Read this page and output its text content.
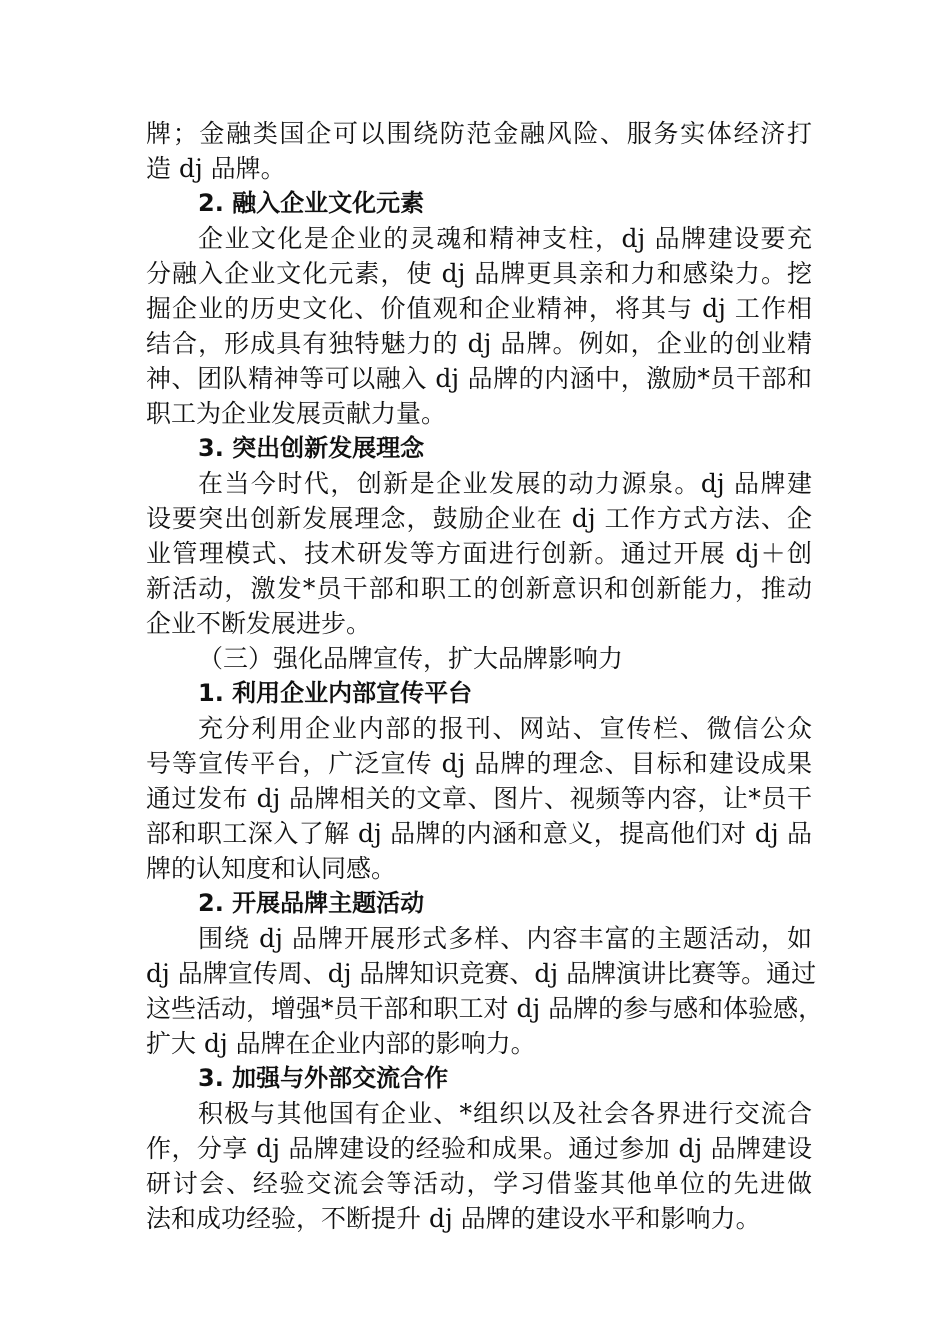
牌；金融类国企可以围绕防范金融风险、服务实体经济打
造 dj 品牌。
2. 融入企业文化元素
企业文化是企业的灵魂和精神支柱，dj 品牌建设要充
分融入企业文化元素，使 dj 品牌更具亲和力和感染力。挖
掘企业的历史文化、价值观和企业精神，将其与 dj 工作相
结合，形成具有独特魅力的 dj 品牌。例如，企业的创业精
神、团队精神等可以融入 dj 品牌的内涵中，激励*员干部和
职工为企业发展贡献力量。
3. 突出创新发展理念
在当今时代，创新是企业发展的动力源泉。dj 品牌建
设要突出创新发展理念，鼓励企业在 dj 工作方式方法、企
业管理模式、技术研发等方面进行创新。通过开展 dj＋创
新活动，激发*员干部和职工的创新意识和创新能力，推动
企业不断发展进步。
（三）强化品牌宣传，扩大品牌影响力
1. 利用企业内部宣传平台
充分利用企业内部的报刊、网站、宣传栏、微信公众
号等宣传平台，广泛宣传 dj 品牌的理念、目标和建设成果
通过发布 dj 品牌相关的文章、图片、视频等内容，让*员干
部和职工深入了解 dj 品牌的内涵和意义，提高他们对 dj 品
牌的认知度和认同感。
2. 开展品牌主题活动
围绕 dj 品牌开展形式多样、内容丰富的主题活动，如
dj 品牌宣传周、dj 品牌知识竞赛、dj 品牌演讲比赛等。通过
这些活动，增强*员干部和职工对 dj 品牌的参与感和体验感，
扩大 dj 品牌在企业内部的影响力。
3. 加强与外部交流合作
积极与其他国有企业、*组织以及社会各界进行交流合
作，分享 dj 品牌建设的经验和成果。通过参加 dj 品牌建设
研讨会、经验交流会等活动，学习借鉴其他单位的先进做
法和成功经验，不断提升 dj 品牌的建设水平和影响力。
